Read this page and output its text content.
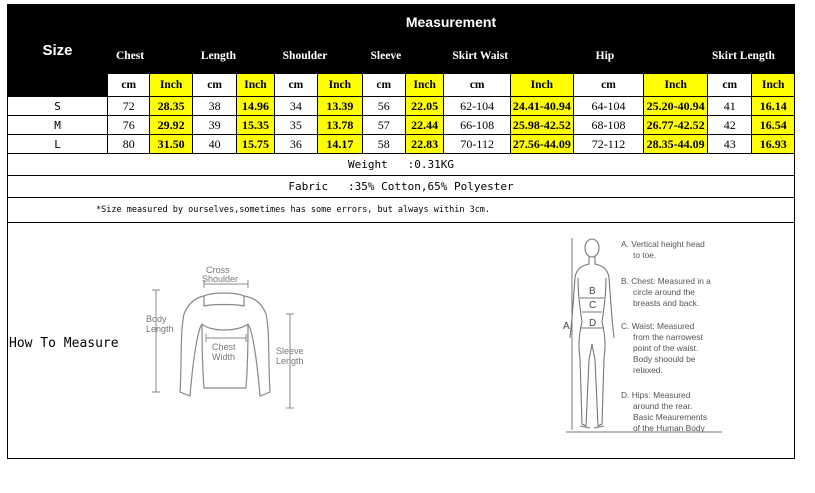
Size	Measurement													
	Chest		Length		Shoulder		Sleeve		Skirt Waist		Hip		Skirt Length	
	cm	Inch	cm	Inch	cm	Inch	cm	Inch	cm	Inch	cm	Inch	cm	Inch
S	72	28.35	38	14.96	34	13.39	56	22.05	62-104	24.41-40.94	64-104	25.20-40.94	41	16.14
M	76	29.92	39	15.35	35	13.78	57	22.44	66-108	25.98-42.52	68-108	26.77-42.52	42	16.54
L	80	31.50	40	15.75	36	14.17	58	22.83	70-112	27.56-44.09	72-112	28.35-44.09	43	16.93
Weight   :0.31KG														
Fabric   :35% Cotton,65% Polyester														
*Size measured by ourselves,sometimes has some errors, but always within 3cm.														
How To Measure
Cross
Shoulder
Body
Length
Chest
Width
Sleeve
Length
A
B
C
D
A. Vertical height head
to toe.
B. Chest: Measured in a
circle around the
breasts and back.
C. Waist: Measured
from the narrowest
point of the waist.
Body shoould be
relaxed.
D. Hips: Measured
around the rear.
Basic Meaurements
of the Human Body
